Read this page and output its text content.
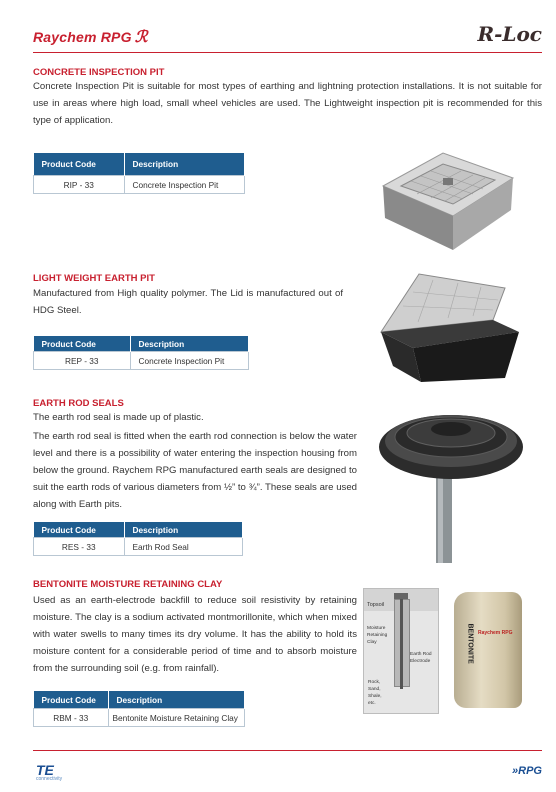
Raychem RPG ℛ	R-Loc
CONCRETE INSPECTION PIT
Concrete Inspection Pit is suitable for most types of earthing and lightning protection installations. It is not suitable for use in areas where high load, small wheel vehicles are used. The Lightweight inspection pit is recommended for this type of application.
Product Code	Description
RIP - 33	Concrete Inspection Pit
LIGHT WEIGHT EARTH PIT
Manufactured from High quality polymer. The Lid is manufactured out of HDG Steel.
Product Code	Description
REP - 33	Concrete Inspection Pit
EARTH ROD SEALS
The earth rod seal is made up of plastic.
The earth rod seal is fitted when the earth rod connection is below the water level and there is a possibility of water entering the inspection housing from below the ground. Raychem RPG manufactured earth seals are designed to suit the earth rods of various diameters from ½” to ¾”. These seals are used along with Earth pits.
Product Code	Description
RES - 33	Earth Rod Seal
BENTONITE MOISTURE RETAINING CLAY
Used as an earth-electrode backfill to reduce soil resistivity by retaining moisture. The clay is a sodium activated montmorillonite, which when mixed with water swells to many times its dry volume. It has the ability to hold its moisture content for a considerable period of time and to absorb moisture from the surrounding soil (e.g. from rainfall).
Product Code	Description
RBM - 33	Bentonite Moisture Retaining Clay
Topsoil
Moisture Retaining Clay
Earth Rod Electrode
Rock, Sand, Shale, etc.
Raychem RPG
BENTONITE
TE
connectivity
»RPG
